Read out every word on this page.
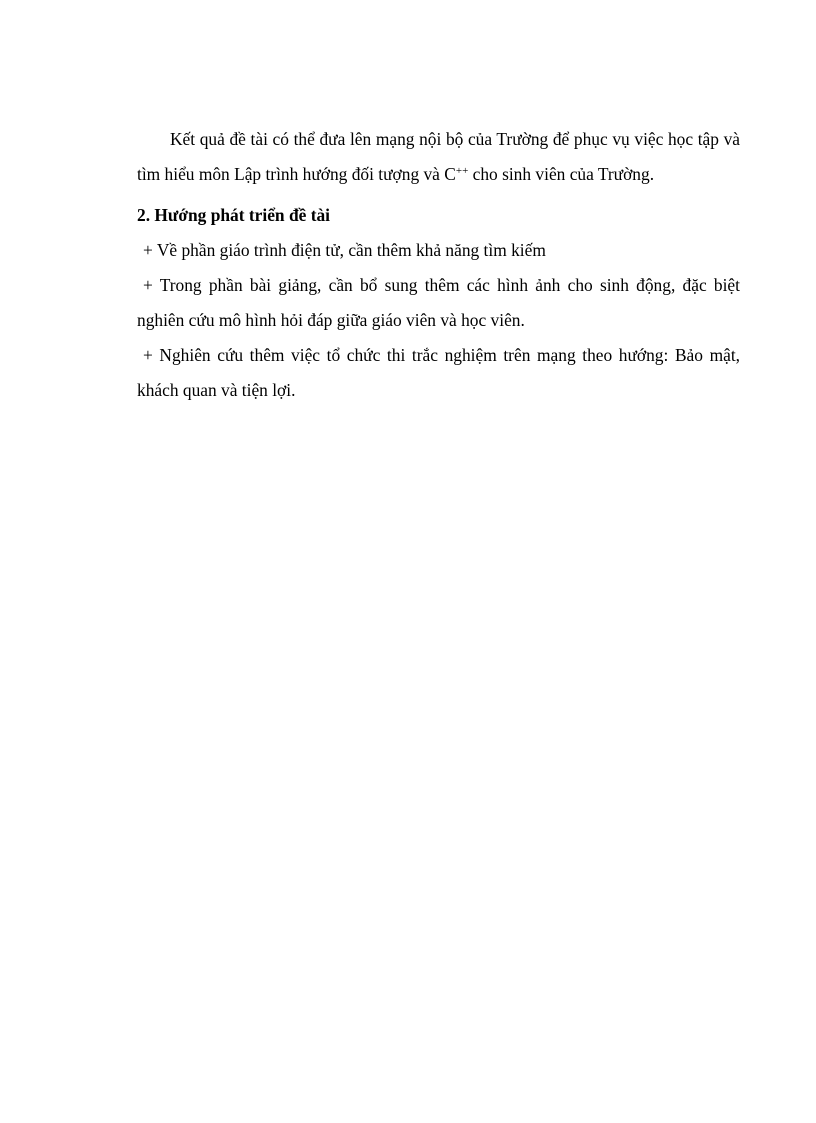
Kết quả đề tài có thể đưa lên mạng nội bộ của Trường để phục vụ việc học tập và tìm hiểu môn Lập trình hướng đối tượng và C++ cho sinh viên của Trường.

2. Hướng phát triển đề tài

+ Về phần giáo trình điện tử, cần thêm khả năng tìm kiếm

+ Trong phần bài giảng, cần bổ sung thêm các hình ảnh cho sinh động, đặc biệt nghiên cứu mô hình hỏi đáp giữa giáo viên và học viên.

+ Nghiên cứu thêm việc tổ chức thi trắc nghiệm trên mạng theo hướng: Bảo mật, khách quan và tiện lợi.
